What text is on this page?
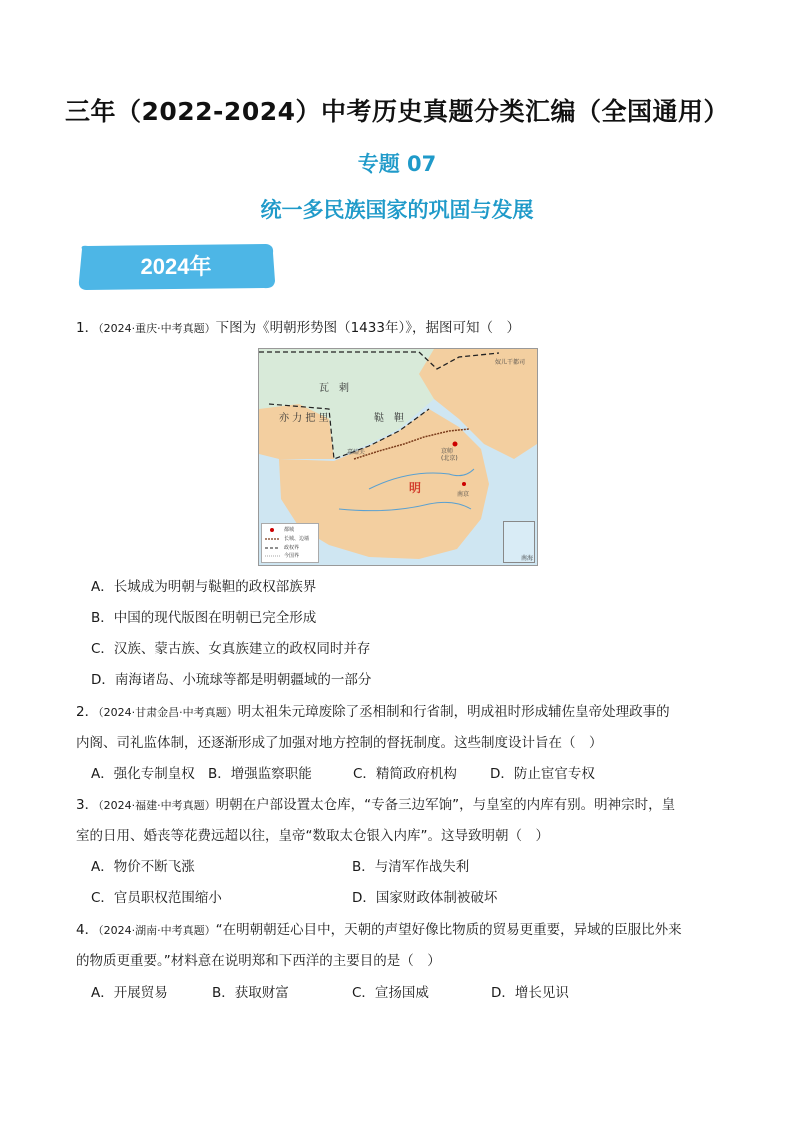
三年（2022-2024）中考历史真题分类汇编（全国通用）
专题 07
统一多民族国家的巩固与发展
2024年
1．（2024·重庆·中考真题）下图为《明朝形势图（1433年）》，据图可知（　）
瓦　剌
亦 力 把 里	鞑　靼
明
奴儿干都司
京师
(北京)
南京
嘉峪关
都城
长城、边墙
政权界
今国界	南海
A．长城成为明朝与鞑靼的政权部族界
B．中国的现代版图在明朝已完全形成
C．汉族、蒙古族、女真族建立的政权同时并存
D．南海诸岛、小琉球等都是明朝疆域的一部分
2．（2024·甘肃金昌·中考真题）明太祖朱元璋废除了丞相制和行省制，明成祖时形成辅佐皇帝处理政事的
内阁、司礼监体制，还逐渐形成了加强对地方控制的督抚制度。这些制度设计旨在（　）
A．强化专制皇权 B．增强监察职能	C．精简政府机构 D．防止宦官专权
3．（2024·福建·中考真题）明朝在户部设置太仓库，“专备三边军饷”，与皇室的内库有别。明神宗时，皇
室的日用、婚丧等花费远超以往，皇帝“数取太仓银入内库”。这导致明朝（　）
A．物价不断飞涨	B．与清军作战失利
C．官员职权范围缩小	D．国家财政体制被破坏
4．（2024·湖南·中考真题）“在明朝朝廷心目中，天朝的声望好像比物质的贸易更重要，异域的臣服比外来
的物质更重要。”材料意在说明郑和下西洋的主要目的是（　）
A．开展贸易	B．获取财富	C．宣扬国威	D．增长见识
